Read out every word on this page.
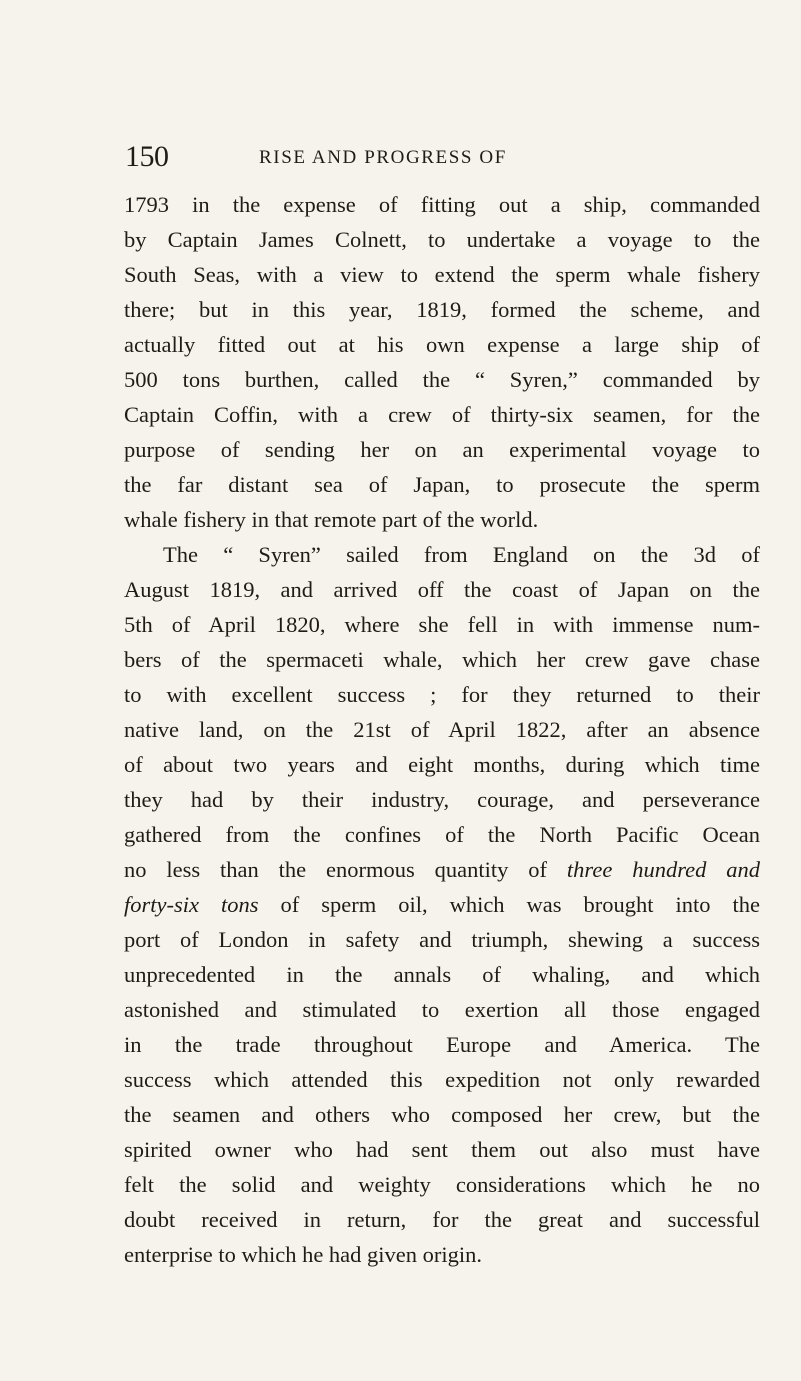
150	RISE AND PROGRESS OF
1793 in the expense of fitting out a ship, commanded
by Captain James Colnett, to undertake a voyage to the
South Seas, with a view to extend the sperm whale fishery
there; but in this year, 1819, formed the scheme, and
actually fitted out at his own expense a large ship of
500 tons burthen, called the “ Syren,” commanded by
Captain Coffin, with a crew of thirty-six seamen, for the
purpose of sending her on an experimental voyage to
the far distant sea of Japan, to prosecute the sperm
whale fishery in that remote part of the world.
The “ Syren” sailed from England on the 3d of
August 1819, and arrived off the coast of Japan on the
5th of April 1820, where she fell in with immense num-
bers of the spermaceti whale, which her crew gave chase
to with excellent success ; for they returned to their
native land, on the 21st of April 1822, after an absence
of about two years and eight months, during which time
they had by their industry, courage, and perseverance
gathered from the confines of the North Pacific Ocean
no less than the enormous quantity of three hundred and
forty-six tons of sperm oil, which was brought into the
port of London in safety and triumph, shewing a success
unprecedented in the annals of whaling, and which
astonished and stimulated to exertion all those engaged
in the trade throughout Europe and America. The
success which attended this expedition not only rewarded
the seamen and others who composed her crew, but the
spirited owner who had sent them out also must have
felt the solid and weighty considerations which he no
doubt received in return, for the great and successful
enterprise to which he had given origin.
